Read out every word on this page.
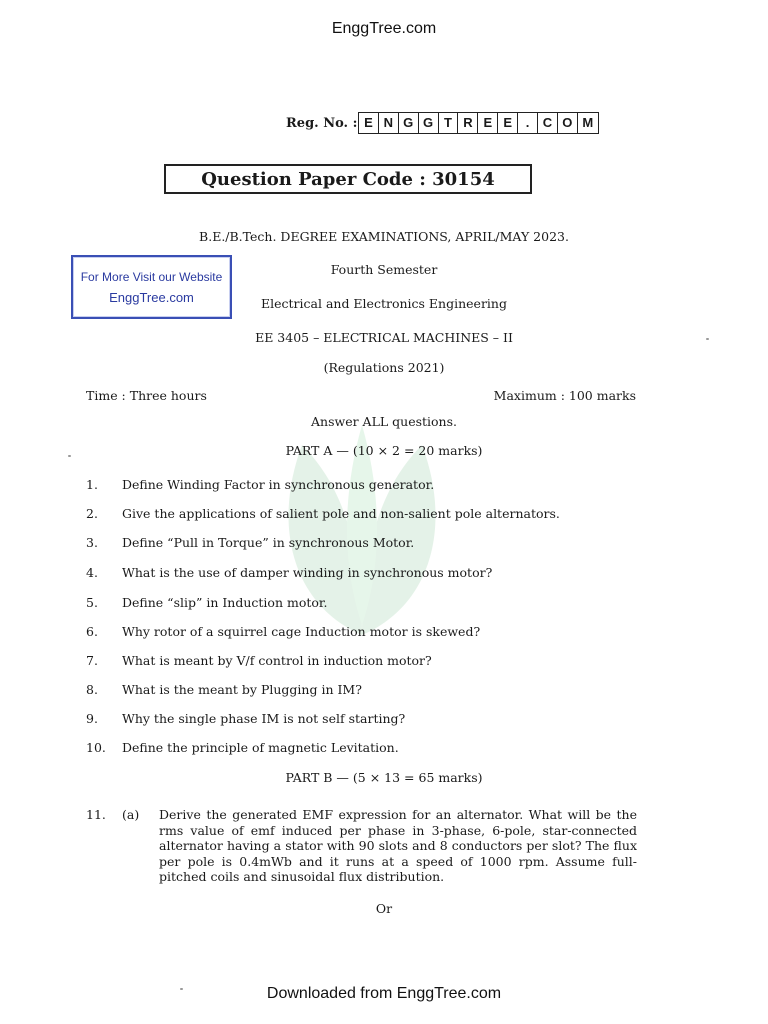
EnggTree.com
Reg. No. : E N G G T R E E	.	C O M
Question Paper Code : 30154
B.E./B.Tech. DEGREE EXAMINATIONS, APRIL/MAY 2023.
Fourth Semester
For More Visit our Website
EnggTree.com	Electrical and Electronics Engineering
EE 3405 – ELECTRICAL MACHINES – II
(Regulations 2021)
Time : Three hours	Maximum : 100 marks
Answer ALL questions.
PART A — (10 × 2 = 20 marks)
1. Define Winding Factor in synchronous generator.
2. Give the applications of salient pole and non-salient pole alternators.
3. Define “Pull in Torque” in synchronous Motor.
4. What is the use of damper winding in synchronous motor?
5. Define “slip” in Induction motor.
6. Why rotor of a squirrel cage Induction motor is skewed?
7. What is meant by V/f control in induction motor?
8. What is the meant by Plugging in IM?
9. Why the single phase IM is not self starting?
10. Define the principle of magnetic Levitation.
PART B — (5 × 13 = 65 marks)
11. (a) Derive the generated EMF expression for an alternator. What will be the rms value of emf induced per phase in 3-phase, 6-pole, star-connected alternator having a stator with 90 slots and 8 conductors per slot? The flux per pole is 0.4mWb and it runs at a speed of 1000 rpm. Assume full-pitched coils and sinusoidal flux distribution.
Or
Downloaded from EnggTree.com
